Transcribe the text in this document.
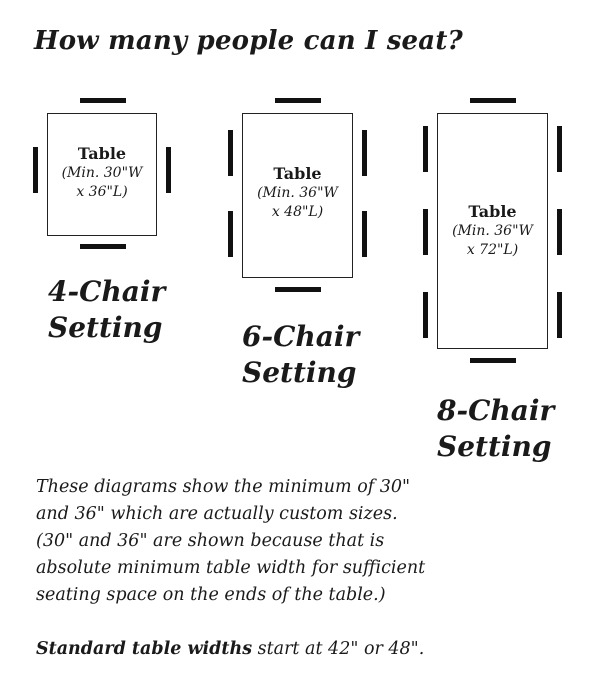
How many people can I seat?
Table
(Min. 30"W
x 36"L)
4-Chair
Setting
Table
(Min. 36"W
x 48"L)
6-Chair
Setting
Table
(Min. 36"W
x 72"L)
8-Chair
Setting
These diagrams show the minimum of 30"
and 36" which are actually custom sizes.
(30" and 36" are shown because that is
absolute minimum table width for sufficient
seating space on the ends of the table.)

Standard table widths start at 42" or 48".
